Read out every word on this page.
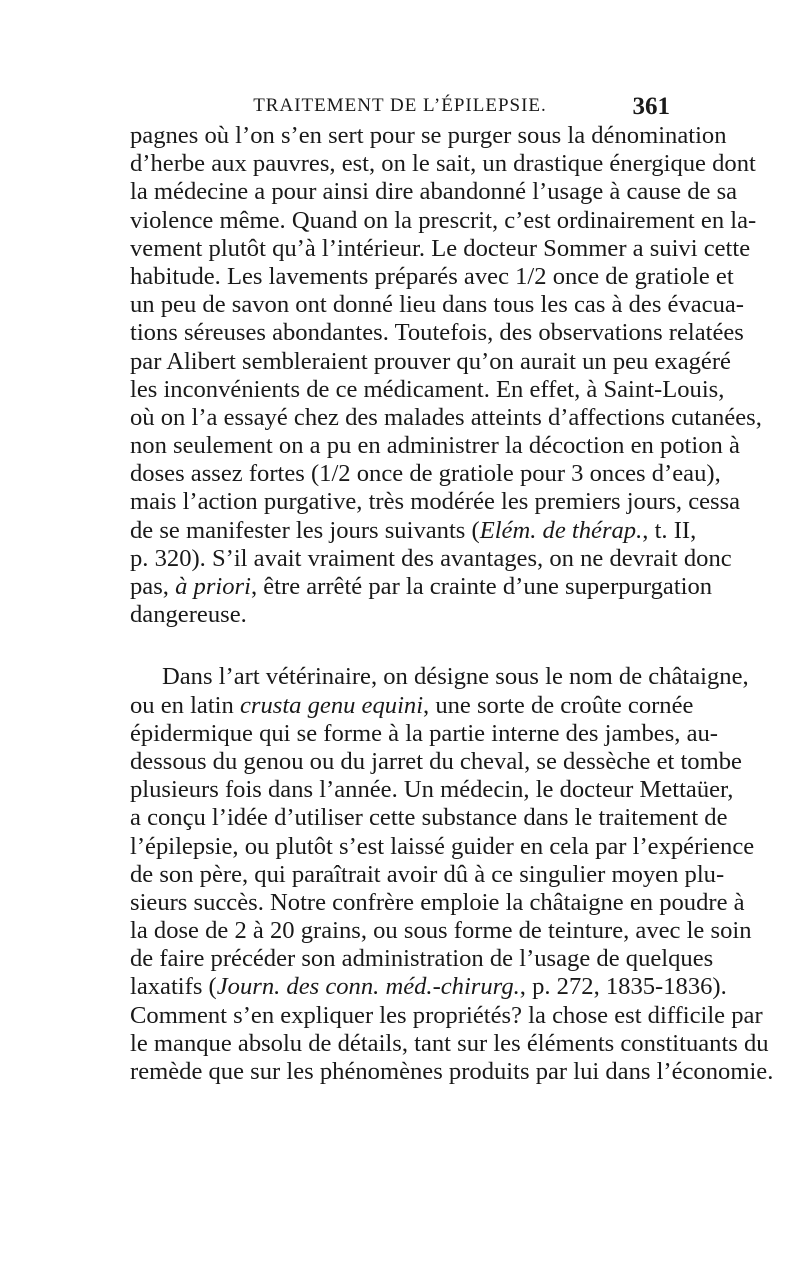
TRAITEMENT DE L’ÉPILEPSIE.	361
pagnes où l’on s’en sert pour se purger sous la dénomination
d’herbe aux pauvres, est, on le sait, un drastique énergique dont
la médecine a pour ainsi dire abandonné l’usage à cause de sa
violence même. Quand on la prescrit, c’est ordinairement en la-
vement plutôt qu’à l’intérieur. Le docteur Sommer a suivi cette
habitude. Les lavements préparés avec 1/2 once de gratiole et
un peu de savon ont donné lieu dans tous les cas à des évacua-
tions séreuses abondantes. Toutefois, des observations relatées
par Alibert sembleraient prouver qu’on aurait un peu exagéré
les inconvénients de ce médicament. En effet, à Saint-Louis,
où on l’a essayé chez des malades atteints d’affections cutanées,
non seulement on a pu en administrer la décoction en potion à
doses assez fortes (1/2 once de gratiole pour 3 onces d’eau),
mais l’action purgative, très modérée les premiers jours, cessa
de se manifester les jours suivants (Elém. de thérap., t. II,
p. 320). S’il avait vraiment des avantages, on ne devrait donc
pas, à priori, être arrêté par la crainte d’une superpurgation
dangereuse.
Dans l’art vétérinaire, on désigne sous le nom de châtaigne,
ou en latin crusta genu equini, une sorte de croûte cornée
épidermique qui se forme à la partie interne des jambes, au-
dessous du genou ou du jarret du cheval, se dessèche et tombe
plusieurs fois dans l’année. Un médecin, le docteur Mettaüer,
a conçu l’idée d’utiliser cette substance dans le traitement de
l’épilepsie, ou plutôt s’est laissé guider en cela par l’expérience
de son père, qui paraîtrait avoir dû à ce singulier moyen plu-
sieurs succès. Notre confrère emploie la châtaigne en poudre à
la dose de 2 à 20 grains, ou sous forme de teinture, avec le soin
de faire précéder son administration de l’usage de quelques
laxatifs (Journ. des conn. méd.-chirurg., p. 272, 1835-1836).
Comment s’en expliquer les propriétés? la chose est difficile par
le manque absolu de détails, tant sur les éléments constituants du
remède que sur les phénomènes produits par lui dans l’économie.
